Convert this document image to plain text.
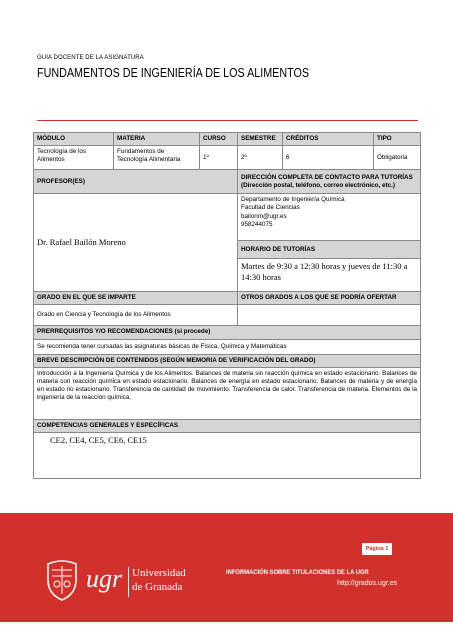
GUIA DOCENTE DE LA ASIGNATURA
FUNDAMENTOS DE INGENIERÍA DE LOS ALIMENTOS
MÓDULO	MATERIA	CURSO	SEMESTRE	CRÉDITOS	TIPO
Tecnología de los Alimentos	Fundamentos de Tecnología Alimentaria	1º	2º	6	Obligatoria
PROFESOR(ES)			DIRECCIÓN COMPLETA DE CONTACTO PARA TUTORÍAS (Dirección postal, teléfono, correo electrónico, etc.)		
Dr. Rafael Bailón Moreno			Departamento de Ingeniería Química
Facultad de Ciencias
bailonm@ugr.es
958244075		

			HORARIO DE TUTORÍAS		
			Martes de 9:30 a 12:30 horas y jueves de 11:30 a 14:30 horas		
GRADO EN EL QUE SE IMPARTE			OTROS GRADOS A LOS QUE SE PODRÍA OFERTAR		
Grado en Ciencia y Tecnología de los Alimentos					
PRERREQUISITOS Y/O RECOMENDACIONES (si procede)					
Se recomienda tener cursadas las asignaturas básicas de Física, Química y Matemáticas					
BREVE DESCRIPCIÓN DE CONTENIDOS (SEGÚN MEMORIA DE VERIFICACIÓN DEL GRADO)					
Introducción a la Ingeniería Química y de los Alimentos. Balances de materia sin reacción química en estado estacionario. Balances de materia con reacción química en estado estacionario. Balances de energía en estado estacionario. Balances de materia y de energía en estado no estacionario. Transferencia de cantidad de movimiento. Transferencia de calor. Transferencia de materia. Elementos de la ingeniería de la reacción química.					
COMPETENCIAS GENERALES Y ESPECÍFICAS					
CE2, CE4, CE5, CE6, CE15					
Página 1
ugr Universidad
de Granada
INFORMACIÓN SOBRE TITULACIONES DE LA UGR
http://grados.ugr.es
